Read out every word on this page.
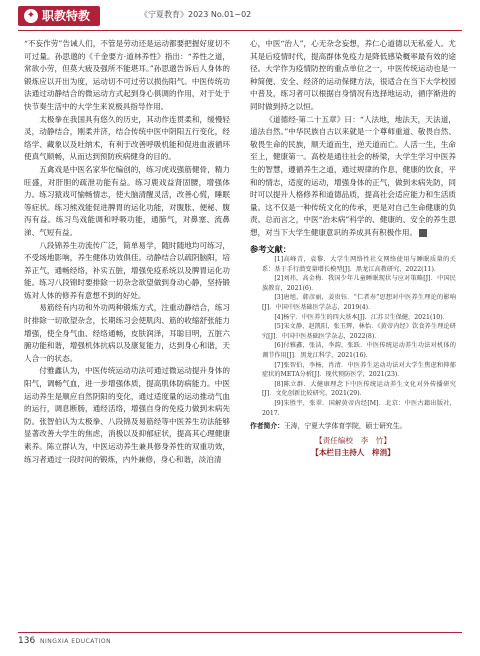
✦ 职教特教	《宁夏教育》2023 No.01~02

“不妄作劳”告诫人们，不管是劳动还是运动都要把握好度切不可过量。孙思邈的《千金要方·道林养性》指出：“养性之道，常欲小劳，但莫大疲及强所不能堪耳。”孙思邈告诉后人身体的锻炼应以开出为度，运动切不可过劳以损伤阳气。中医传统功法通过动静结合的微运动方式起到身心俱调的作用，对于处于快节奏生活中的大学生来说极具指导作用。

太极拳在我国具有悠久的历史，其动作连贯柔和，缓慢轻灵，动静结合，刚柔并济，结合传统中医中阴阳五行变化，经络学、藏象以及吐纳术，有利于改善呼吸机能和促进血液循环使真气顺畅，从而达到预防疾病健身的目的。

五禽戏是中医名家华佗编创的，练习虎戏强筋健骨，精力旺盛，对肝胆的疏泄功能有益。练习鹿戏益肾固腰，增强体力。练习猿戏可愉畅情志，使大脑清醒灵活，改善心慌，睡眠等症状。练习熊戏能促进脾胃的运化功能，对腹胀、便秘、腹泻有益。练习鸟戏能调和呼吸功能，通肺气，对鼻塞、流鼻涕、气短有益。

八段锦养生功流传广泛，简单易学，随时随地均可练习，不受场地影响，养生健体功效俱佳。动静结合以疏阴脑阳，培养正气，通畅经络，补实五脏，增强免疫系统以及脾胃运化功能。练习八段锦时要排除一切杂念欲望做到身动心静，坚持锻炼对人体的修养有意想不到的好处。

易筋经有内功和外功两种锻炼方式，注重动静结合，练习时排除一切欲望杂念，长期练习会使肌肉、筋的收缩舒张能力增强，使全身气血、经络通畅，皮肤润泽，耳聪目明，五脏六腑功能和谐，增强机体抗病以及康复能力，达到身心和谐，天人合一的状态。

付雅鑫认为，中医传统运动功法可通过微运动提升身体的阳气，调畅气血，进一步增强体质，提高肌体防病能力。中医运动养生是顺应自然阴阳的变化，通过适度量的运动推动气血的运行，调息断肠，通经活络，增强自身的免疫力做到未病先防。张智伯认为太极拳、八段锦及易筋经等中医养生功法能够显著改善大学生的焦虑，消极以及抑郁症状，提高其心理健康素养。陈立群认为，中医运动养生兼具修身养性的双重功效，练习者通过一段时间的锻炼，内外兼修，身心和谐，淡泊清

心，中医“治人”，心无杂念妄想，养仁心道德以无私爱人。尤其是后疫情时代，提高群体免疫力是降低感染概率最有效的途径。大学作为疫情防控的重点单位之一，中医传统运动也是一种简便、安全、经济的运动保健方法，很适合在当下大学校园中普及，练习者可以根据自身情况有选择地运动，循序渐进的同时做到持之以恒。

《道德经·第二十五章》曰：“人法地，地法天，天法道，道法自然。”中华民族自古以来就是一个尊师重道、敬畏自然、敬畏生命的民族，顺天道而生，逆天道而亡。人活一生，生命至上，健康第一。高校是通往社会的桥梁，大学生学习中医养生的智慧，遵循养生之道，通过规律的作息，健康的饮食，平和的情志，适度的运动，增强身体的正气，做到未病先防，同时可以提升人格修养和道德品质，提高社会适应能力和生活质量。这不仅是一种传统文化的传承，更是对自己生命健康的负责。总而言之，中医“治未病”科学的、健康的、安全的养生思想，对当下大学生健康意识的养成具有积极作用。	N

参考文献：

[1]高峰青，袁黎．大学生网络性社交网络使用与睡眠质量的关系：基于手行潜变量增长模型[J]．黑龙江高教研究，2022(11)．

[2]刘祎，高金梅．我国少年儿童睡眠现状与应对策略[J]．中国民族教育，2021(6)．

[3]唐旭，韩彦丽，姜贵钰．“仁者寿”思想对中医养生理论的影响[J]．中国中医基础医学杂志，2019(4)．

[4]杨宁．中医养生的四大基本[J]．江苏卫生保健，2021(10)．

[5]宋文静，赵凯阳，张玉辉，林怡．《黄帝内经》饮食养生理论研究[J]．中国中医基础医学杂志，2022(8)．

[6]付雅鑫，张洁，李韵，张跃．中医传统运动养生功法对机体的调节作用[J]．黑龙江科学，2021(16)．

[7]张智伯，李杨，肖清．中医养生运动功法对大学生焦虑和抑郁症状的META分析[J]．现代预防医学，2021(23)．

[8]陈立群．大健康理念下中医传统运动养生文化对外传播研究[J]．文化创新比较研究，2021(29)．

[9]朱胜宇，张翠．国解黄帝内经[M]．北京：中医古籍出版社，2017．

作者简介：王涛，宁夏大学体育学院，硕士研究生。
【责任编校　李　竹】
【本栏目主持人　梓涓】
136 NINGXIA EDUCATION
